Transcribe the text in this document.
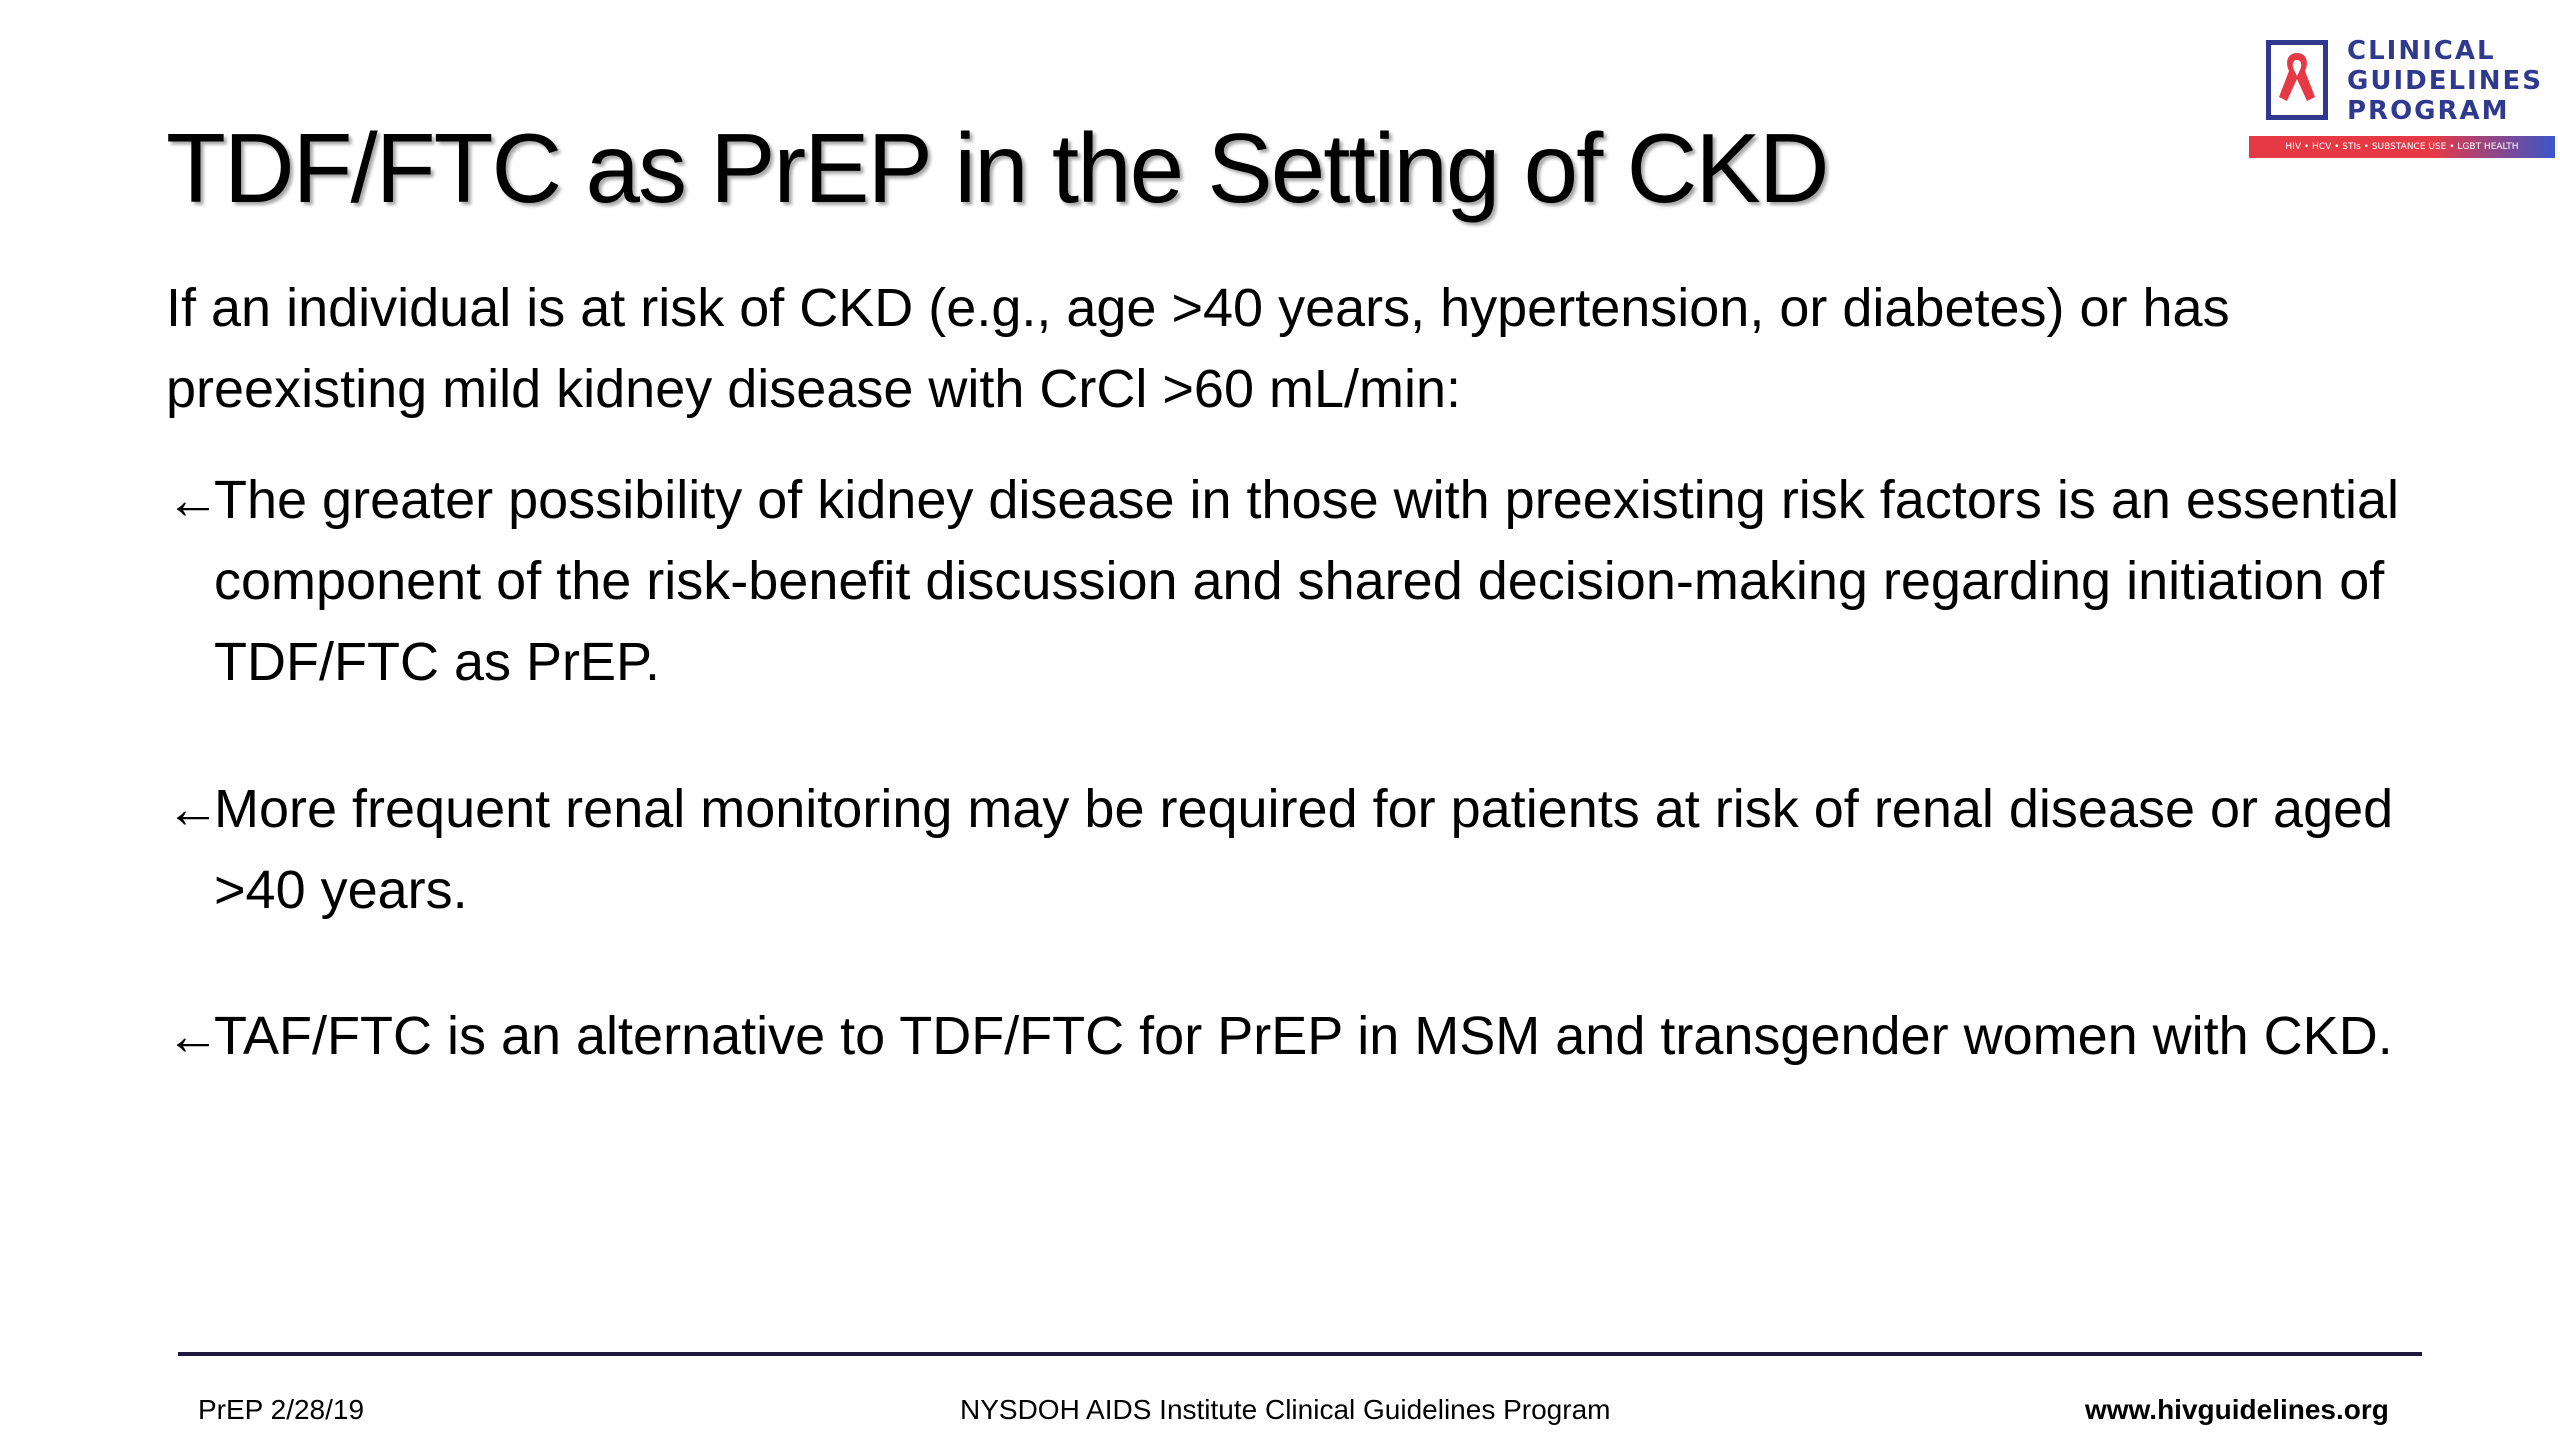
TDF/FTC as PrEP in the Setting of CKD
CLINICAL
GUIDELINES
PROGRAM
HIV • HCV • STIs • SUBSTANCE USE • LGBT HEALTH
If an individual is at risk of CKD (e.g., age >40 years, hypertension, or diabetes) or has preexisting mild kidney disease with CrCl >60 mL/min:
←
The greater possibility of kidney disease in those with preexisting risk factors is an essential component of the risk-benefit discussion and shared decision-making regarding initiation of TDF/FTC as PrEP.
←
More frequent renal monitoring may be required for patients at risk of renal disease or aged >40 years.
←
TAF/FTC is an alternative to TDF/FTC for PrEP in MSM and transgender women with CKD.
PrEP 2/28/19	NYSDOH AIDS Institute Clinical Guidelines Program	www.hivguidelines.org
